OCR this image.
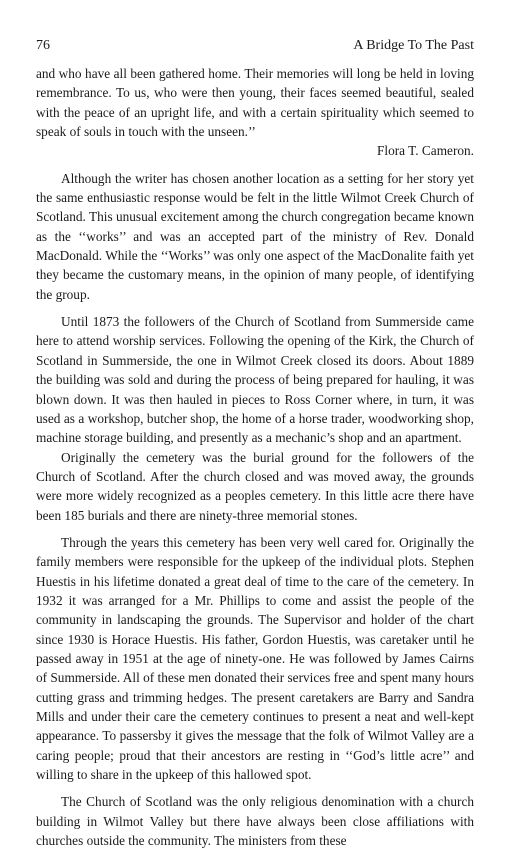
76	A Bridge To The Past

and who have all been gathered home. Their memories will long be held in loving remembrance. To us, who were then young, their faces seemed beautiful, sealed with the peace of an upright life, and with a certain spirituality which seemed to speak of souls in touch with the unseen.’’

Flora T. Cameron.

Although the writer has chosen another location as a setting for her story yet the same enthusiastic response would be felt in the little Wilmot Creek Church of Scotland. This unusual excitement among the church congregation became known as the ‘‘works’’ and was an accepted part of the ministry of Rev. Donald MacDonald. While the ‘‘Works’’ was only one aspect of the MacDonalite faith yet they became the customary means, in the opinion of many people, of identifying the group.

Until 1873 the followers of the Church of Scotland from Summerside came here to attend worship services. Following the opening of the Kirk, the Church of Scotland in Summerside, the one in Wilmot Creek closed its doors. About 1889 the building was sold and during the process of being prepared for hauling, it was blown down. It was then hauled in pieces to Ross Corner where, in turn, it was used as a workshop, butcher shop, the home of a horse trader, woodworking shop, machine storage building, and presently as a mechanic’s shop and an apartment.

Originally the cemetery was the burial ground for the followers of the Church of Scotland. After the church closed and was moved away, the grounds were more widely recognized as a peoples cemetery. In this little acre there have been 185 burials and there are ninety-three memorial stones.

Through the years this cemetery has been very well cared for. Originally the family members were responsible for the upkeep of the individual plots. Stephen Huestis in his lifetime donated a great deal of time to the care of the cemetery. In 1932 it was arranged for a Mr. Phillips to come and assist the people of the community in landscaping the grounds. The Supervisor and holder of the chart since 1930 is Horace Huestis. His father, Gordon Huestis, was caretaker until he passed away in 1951 at the age of ninety-one. He was followed by James Cairns of Summerside. All of these men donated their services free and spent many hours cutting grass and trimming hedges. The present caretakers are Barry and Sandra Mills and under their care the cemetery continues to present a neat and well-kept appearance. To passersby it gives the message that the folk of Wilmot Valley are a caring people; proud that their ancestors are resting in ‘‘God’s little acre’’ and willing to share in the upkeep of this hallowed spot.

The Church of Scotland was the only religious denomination with a church building in Wilmot Valley but there have always been close affiliations with churches outside the community. The ministers from these
